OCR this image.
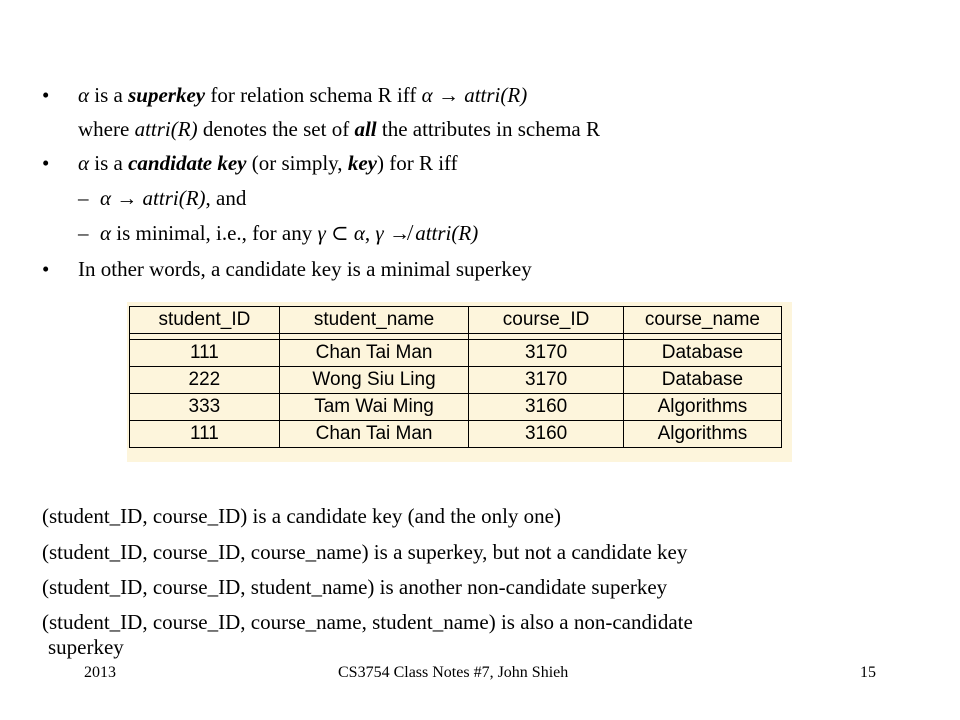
• α is a superkey for relation schema R iff α → attri(R)
where attri(R) denotes the set of all the attributes in schema R
• α is a candidate key (or simply, key) for R iff
– α → attri(R), and
– α is minimal, i.e., for any γ ⊂ α, γ ↛ attri(R)
• In other words, a candidate key is a minimal superkey
student_ID	student_name	course_ID	course_name

111	Chan Tai Man	3170	Database
222	Wong Siu Ling	3170	Database
333	Tam Wai Ming	3160	Algorithms
111	Chan Tai Man	3160	Algorithms
(student_ID, course_ID) is a candidate key (and the only one)
(student_ID, course_ID, course_name) is a superkey, but not a candidate key
(student_ID, course_ID, student_name) is another non-candidate superkey
(student_ID, course_ID, course_name, student_name) is also a non-candidate
superkey
2013	CS3754 Class Notes #7, John Shieh	15
